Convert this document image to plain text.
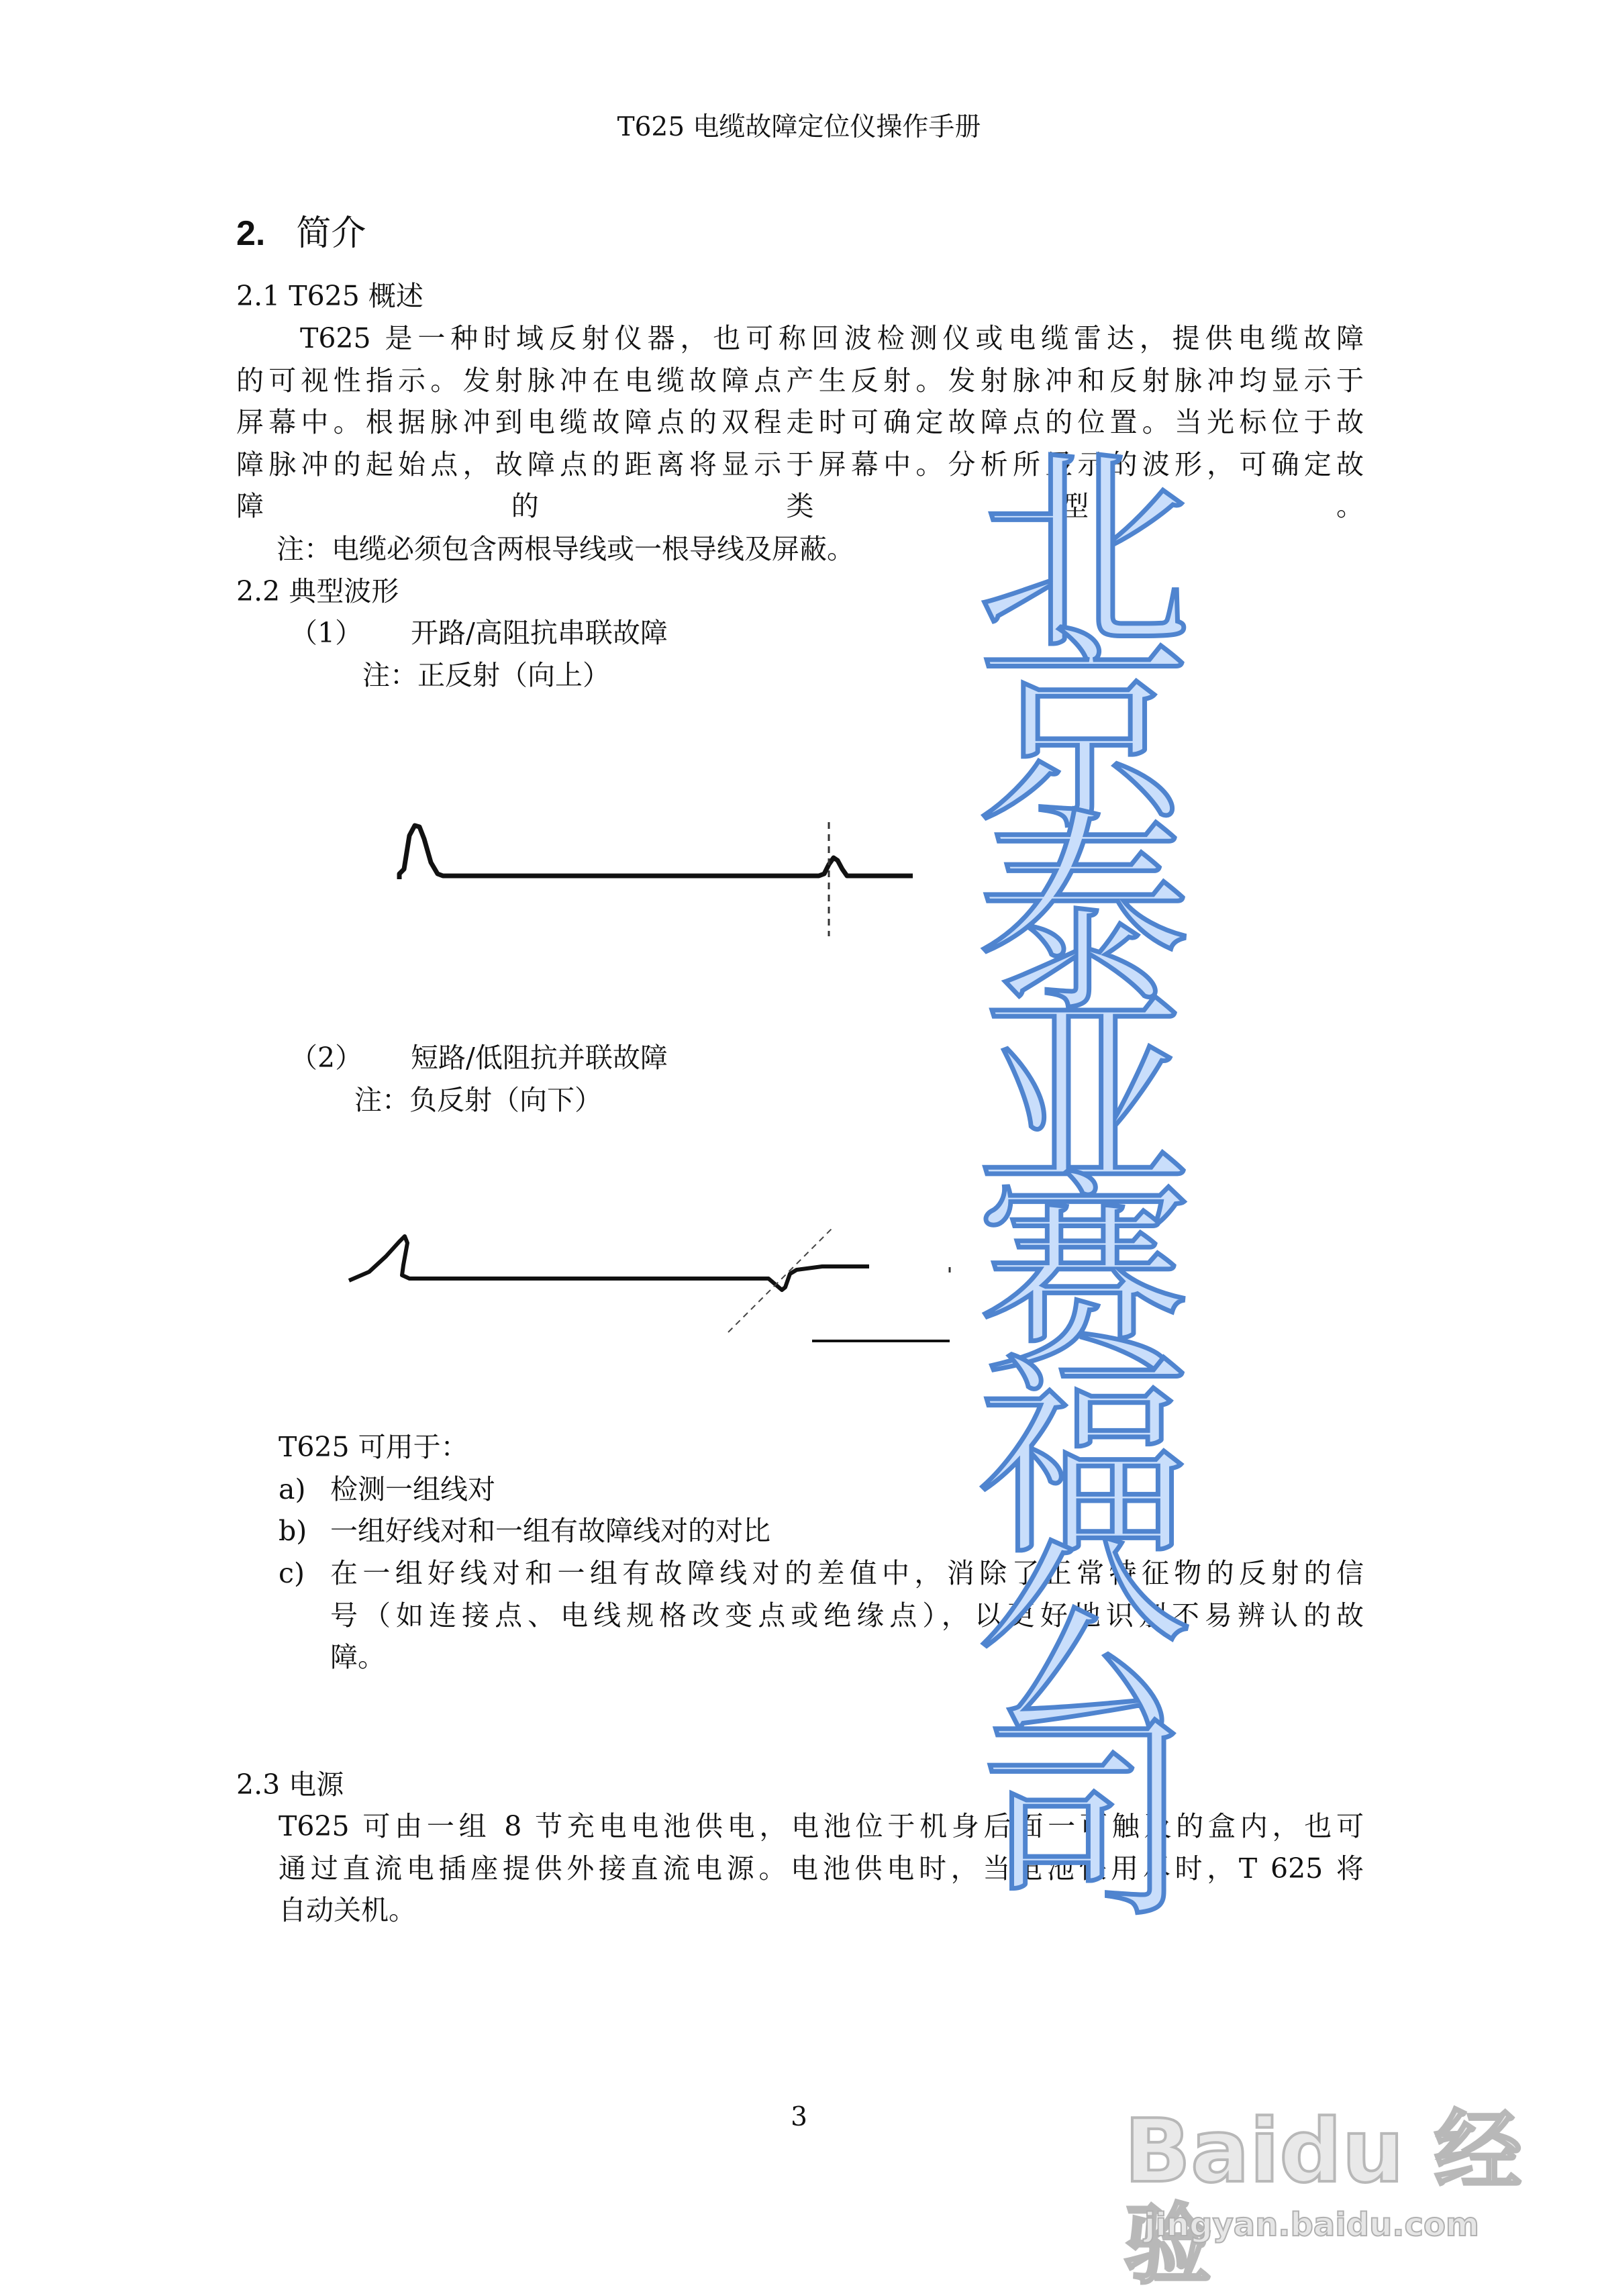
T625 电缆故障定位仪操作手册
2. 简介
2.1 T625 概述
T625 是一种时域反射仪器，也可称回波检测仪或电缆雷达，提供电缆故障
的可视性指示。发射脉冲在电缆故障点产生反射。发射脉冲和反射脉冲均显示于
屏幕中。根据脉冲到电缆故障点的双程走时可确定故障点的位置。当光标位于故
障脉冲的起始点，故障点的距离将显示于屏幕中。分析所显示的波形，可确定故
障的类型。
注：电缆必须包含两根导线或一根导线及屏蔽。
2.2 典型波形
（1） 开路/高阻抗串联故障
注：正反射（向上）
（2） 短路/低阻抗并联故障
注：负反射（向下）
T625 可用于：
a) 检测一组线对
b) 一组好线对和一组有故障线对的对比
c) 在一组好线对和一组有故障线对的差值中，消除了正常特征物的反射的信
号（如连接点、电线规格改变点或绝缘点），以更好地识别不易辨认的故
障。
2.3 电源
T625 可由一组 8 节充电电池供电，电池位于机身后面一可触及的盒内，也可
通过直流电插座提供外接直流电源。电池供电时，当电池快用尽时，T 625 将
自动关机。
北
京
泰
亚
赛
福
公
司
3	Baidu 经验
jingyan.baidu.com
